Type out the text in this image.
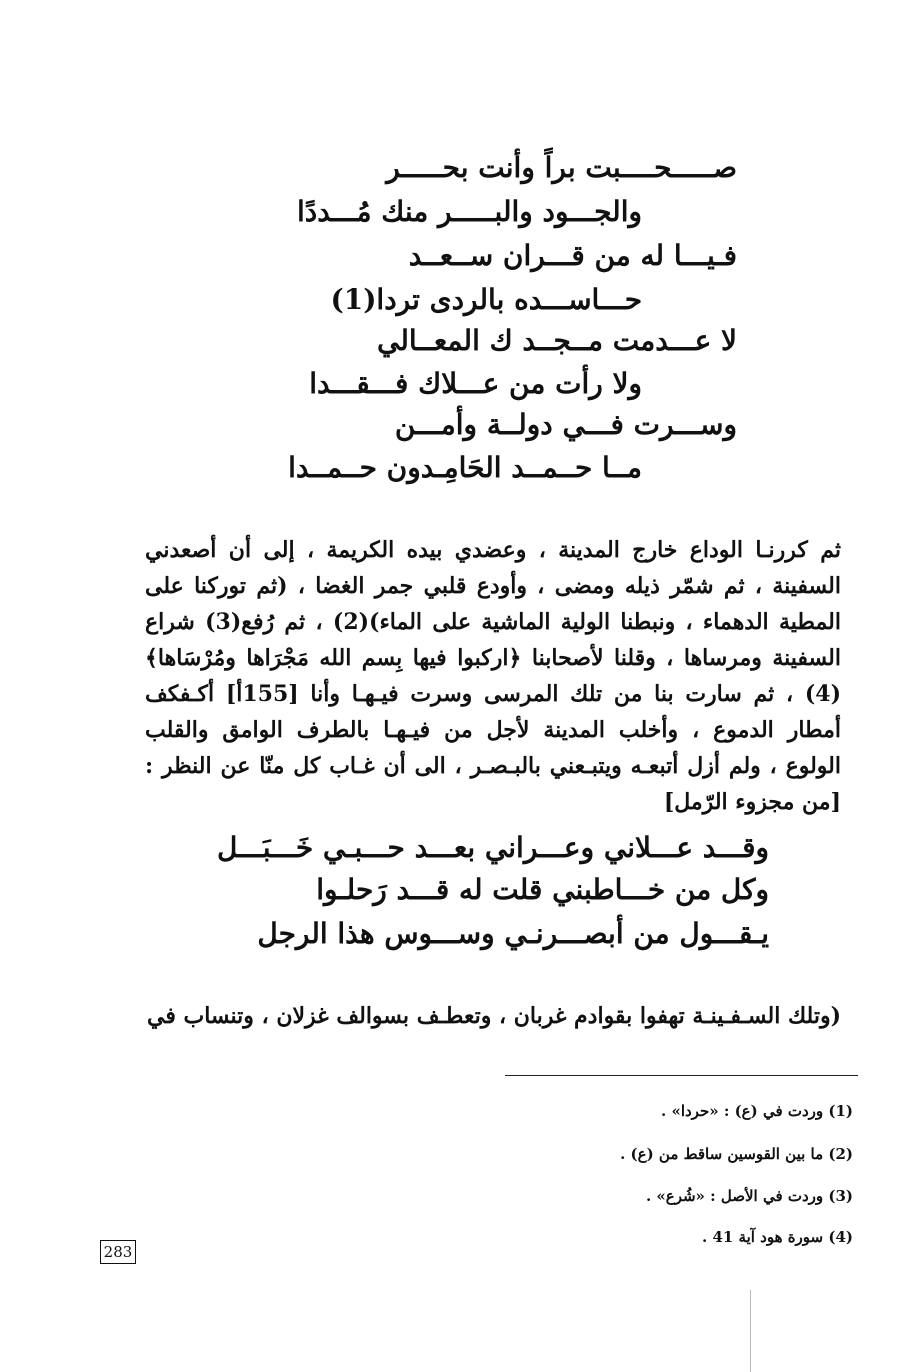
صـــــحــــبت براً وأنت بحـــــر
والجـــود والبـــــر منك مُـــددًا
فـيـــا له من قـــران ســعــد
حـــاســـده بالردى تردا(1)
لا عـــدمت مــجــد ك المعــالي
ولا رأت من عـــلاك فـــقـــدا
وســـرت فـــي دولــة وأمـــن
مــا حــمــد الحَامِـدون حــمــدا
ثم كررنـا الوداع خارج المدينة ، وعضدي بيده الكريمة ، إلى أن أصعدني السفينة ، ثم شمّر ذيله ومضى ، وأودع قلبي جمر الغضا ، (ثم توركنا على المطية الدهماء ، ونبطنا الولية الماشية على الماء)(2) ، ثم رُفع(3) شراع السفينة ومرساها ، وقلنا لأصحابنا ﴿اركبوا فيها بِسم الله مَجْرَاها ومُرْسَاها﴾(4) ، ثم سارت بنا من تلك المرسى وسرت فيـهـا وأنا [155أ] أكـفكف أمطار الدموع ، وأخلب المدينة لأجل من فيـهـا بالطرف الوامق والقلب الولوع ، ولم أزل أتبعـه ويتبـعني بالبـصـر ، الى أن غـاب كل منّا عن النظر : [من مجزوء الرّمل]
وقـــد عـــلاني وعـــراني بعـــد حـــبـي خَـــبَـــل
وكل من خـــاطبني قلت له قـــد رَحلـوا
يـقـــول من أبصـــرنـي وســـوس هذا الرجل
(وتلك السـفـينـة تهفوا بقوادم غربان ، وتعطـف بسوالف غزلان ، وتنساب في
(1) وردت في (ع) : «حردا» .
(2) ما بين القوسين ساقط من (ع) .
(3) وردت في الأصل : «شُرع» .
(4) سورة هود آية 41 .
283
